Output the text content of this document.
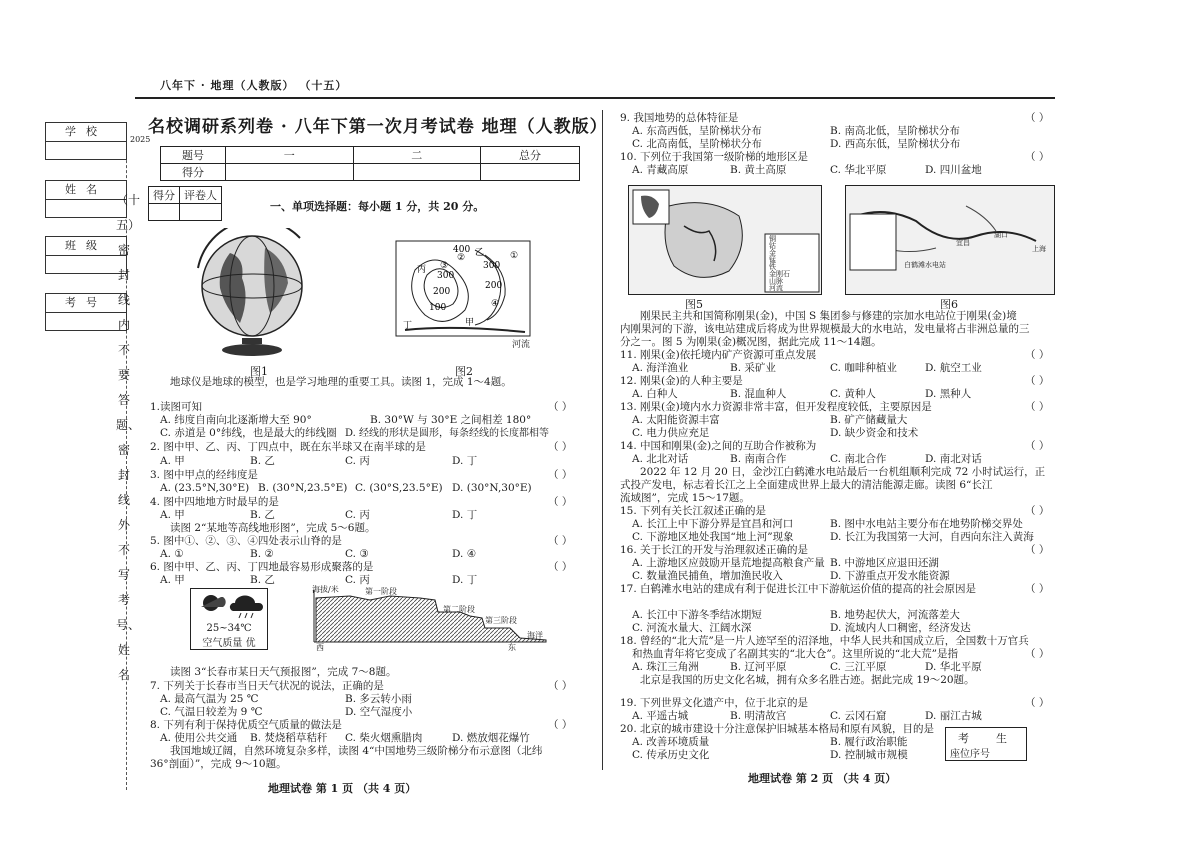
八年下 · 地理（人教版） （十五）
学校
姓名
班级
考号
2025
（十五）密封线内不要答题、密封线外不写考号、姓名
名校调研系列卷 · 八年下第一次月考试卷 地理（人教版）
题号	一	二	总分
得分			
得分	评卷人

一、单项选择题：每小题 1 分，共 20 分。
图1
400
300
200
100
300
200
甲
乙
丙
丁
①
②
③
④
河流
图2
地球仪是地球的模型，也是学习地理的重要工具。读图 1，完成 1～4题。
1.读图可知
A. 纬度自南向北逐渐增大至 90°	B. 30°W 与 30°E 之间相差 180°
C. 赤道是 0°纬线，也是最大的纬线圈 D. 经线的形状是圆形，每条经线的长度都相等
2. 图中甲、乙、丙、丁四点中，既在东半球又在南半球的是
A. 甲	B. 乙	C. 丙	D. 丁
3. 图中甲点的经纬度是
A. (23.5°N,30°E) B. (30°N,23.5°E) C. (30°S,23.5°E) D. (30°N,30°E)
4. 图中四地地方时最早的是
A. 甲	B. 乙	C. 丙	D. 丁
读图 2“某地等高线地形图”，完成 5～6题。
5. 图中①、②、③、④四处表示山脊的是
A. ①	B. ②	C. ③	D. ④
6. 图中甲、乙、丙、丁四地最容易形成聚落的是
A. 甲	B. 乙	C. 丙	D. 丁
25~34℃
空气质量 优
海拔/米	第一阶段
第二阶段
第三阶段
海洋
西	东
读图 3“长春市某日天气预报图”，完成 7～8题。
7. 下列关于长春市当日天气状况的说法，正确的是
A. 最高气温为 25 ℃	B. 多云转小雨
C. 气温日较差为 9 ℃	D. 空气湿度小
8. 下列有利于保持优质空气质量的做法是
A. 使用公共交通 B. 焚烧稻草秸秆 C. 柴火烟熏腊肉	D. 燃放烟花爆竹
我国地域辽阔，自然环境复杂多样，读图 4“中国地势三级阶梯分布示意图（北纬
36°剖面）”，完成 9～10题。
地理试卷 第 1 页 （共 4 页）
（ ）
（ ）
（ ）
（ ）
（ ）
（ ）
（ ）
（ ）
9. 我国地势的总体特征是
A. 东高西低，呈阶梯状分布	B. 南高北低，呈阶梯状分布
C. 北高南低，呈阶梯状分布	D. 西高东低，呈阶梯状分布
10. 下列位于我国第一级阶梯的地形区是
A. 青藏高原	B. 黄土高原	C. 华北平原	D. 四川盆地
铜
钴
金
锰
铁
金刚石
山脉
河流
图5
宜昌
湖口
上海
白鹤滩水电站
图6
刚果民主共和国简称刚果(金)，中国 S 集团参与修建的宗加水电站位于刚果(金)境
内刚果河的下游，该电站建成后将成为世界规模最大的水电站，发电量将占非洲总量的三
分之一。图 5 为刚果(金)概况图，据此完成 11～14题。
11. 刚果(金)依托境内矿产资源可重点发展
A. 海洋渔业	B. 采矿业	C. 咖啡种植业	D. 航空工业
12. 刚果(金)的人种主要是
A. 白种人	B. 混血种人	C. 黄种人	D. 黑种人
13. 刚果(金)境内水力资源非常丰富，但开发程度较低，主要原因是
A. 太阳能资源丰富	B. 矿产储藏量大
C. 电力供应充足	D. 缺少资金和技术
14. 中国和刚果(金)之间的互助合作被称为
A. 北北对话	B. 南南合作	C. 南北合作	D. 南北对话
2022 年 12 月 20 日，金沙江白鹤滩水电站最后一台机组顺利完成 72 小时试运行，正
式投产发电，标志着长江之上全面建成世界上最大的清洁能源走廊。读图 6“长江
流域图”，完成 15～17题。
15. 下列有关长江叙述正确的是
A. 长江上中下游分界是宜昌和河口	B. 图中水电站主要分布在地势阶梯交界处
C. 下游地区地处我国“地上河”现象	D. 长江为我国第一大河，自西向东注入黄海
16. 关于长江的开发与治理叙述正确的是
A. 上游地区应鼓励开垦荒地提高粮食产量 B. 中游地区应退田还湖
C. 数量渔民捕鱼，增加渔民收入	D. 下游重点开发水能资源
17. 白鹤滩水电站的建成有利于促进长江中下游航运价值的提高的社会原因是
A. 长江中下游冬季结冰期短	B. 地势起伏大，河流落差大
C. 河流水量大、江阔水深	D. 流域内人口稠密，经济发达
18. 曾经的“北大荒”是一片人迹罕至的沼泽地，中华人民共和国成立后，全国数十万官兵
和热血青年将它变成了名副其实的“北大仓”。这里所说的“北大荒”是指
A. 珠江三角洲	B. 辽河平原	C. 三江平原	D. 华北平原
北京是我国的历史文化名城，拥有众多名胜古迹。据此完成 19～20题。
19. 下列世界文化遗产中，位于北京的是
A. 平遥古城	B. 明清故宫	C. 云冈石窟	D. 丽江古城
20. 北京的城市建设十分注意保护旧城基本格局和原有风貌，目的是
A. 改善环境质量	B. 履行政治职能
C. 传承历史文化	D. 控制城市规模
考 生
座位序号
地理试卷 第 2 页 （共 4 页）
（ ）
（ ）
（ ）
（ ）
（ ）
（ ）
（ ）
（ ）
（ ）
（ ）
（ ）
